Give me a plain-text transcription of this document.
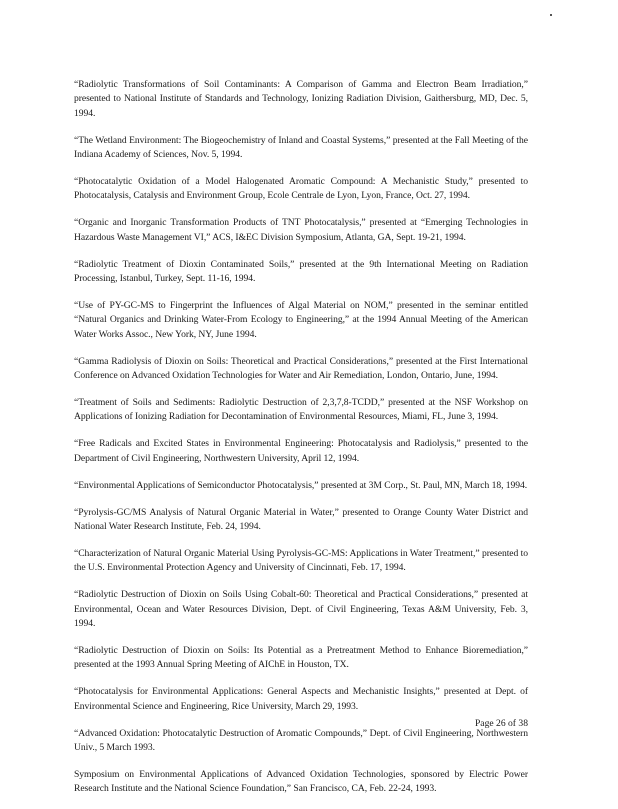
“Radiolytic Transformations of Soil Contaminants: A Comparison of Gamma and Electron Beam Irradiation,” presented to National Institute of Standards and Technology, Ionizing Radiation Division, Gaithersburg, MD, Dec. 5, 1994.

“The Wetland Environment: The Biogeochemistry of Inland and Coastal Systems,” presented at the Fall Meeting of the Indiana Academy of Sciences, Nov. 5, 1994.

“Photocatalytic Oxidation of a Model Halogenated Aromatic Compound: A Mechanistic Study,” presented to Photocatalysis, Catalysis and Environment Group, Ecole Centrale de Lyon, Lyon, France, Oct. 27, 1994.

“Organic and Inorganic Transformation Products of TNT Photocatalysis,” presented at “Emerging Technologies in Hazardous Waste Management VI,” ACS, I&EC Division Symposium, Atlanta, GA, Sept. 19-21, 1994.

“Radiolytic Treatment of Dioxin Contaminated Soils,” presented at the 9th International Meeting on Radiation Processing, Istanbul, Turkey, Sept. 11-16, 1994.

“Use of PY-GC-MS to Fingerprint the Influences of Algal Material on NOM,” presented in the seminar entitled “Natural Organics and Drinking Water-From Ecology to Engineering,” at the 1994 Annual Meeting of the American Water Works Assoc., New York, NY, June 1994.

“Gamma Radiolysis of Dioxin on Soils: Theoretical and Practical Considerations,” presented at the First International Conference on Advanced Oxidation Technologies for Water and Air Remediation, London, Ontario, June, 1994.

“Treatment of Soils and Sediments: Radiolytic Destruction of 2,3,7,8-TCDD,” presented at the NSF Workshop on Applications of Ionizing Radiation for Decontamination of Environmental Resources, Miami, FL, June 3, 1994.

“Free Radicals and Excited States in Environmental Engineering: Photocatalysis and Radiolysis,” presented to the Department of Civil Engineering, Northwestern University, April 12, 1994.

“Environmental Applications of Semiconductor Photocatalysis,” presented at 3M Corp., St. Paul, MN, March 18, 1994.

“Pyrolysis-GC/MS Analysis of Natural Organic Material in Water,” presented to Orange County Water District and National Water Research Institute, Feb. 24, 1994.

“Characterization of Natural Organic Material Using Pyrolysis-GC-MS: Applications in Water Treatment,” presented to the U.S. Environmental Protection Agency and University of Cincinnati, Feb. 17, 1994.

“Radiolytic Destruction of Dioxin on Soils Using Cobalt-60: Theoretical and Practical Considerations,” presented at Environmental, Ocean and Water Resources Division, Dept. of Civil Engineering, Texas A&M University, Feb. 3, 1994.

“Radiolytic Destruction of Dioxin on Soils: Its Potential as a Pretreatment Method to Enhance Bioremediation,” presented at the 1993 Annual Spring Meeting of AIChE in Houston, TX.

“Photocatalysis for Environmental Applications: General Aspects and Mechanistic Insights,” presented at Dept. of Environmental Science and Engineering, Rice University, March 29, 1993.

“Advanced Oxidation: Photocatalytic Destruction of Aromatic Compounds,” Dept. of Civil Engineering, Northwestern Univ., 5 March 1993.

Symposium on Environmental Applications of Advanced Oxidation Technologies, sponsored by Electric Power Research Institute and the National Science Foundation,” San Francisco, CA, Feb. 22-24, 1993.

Page 26 of 38
